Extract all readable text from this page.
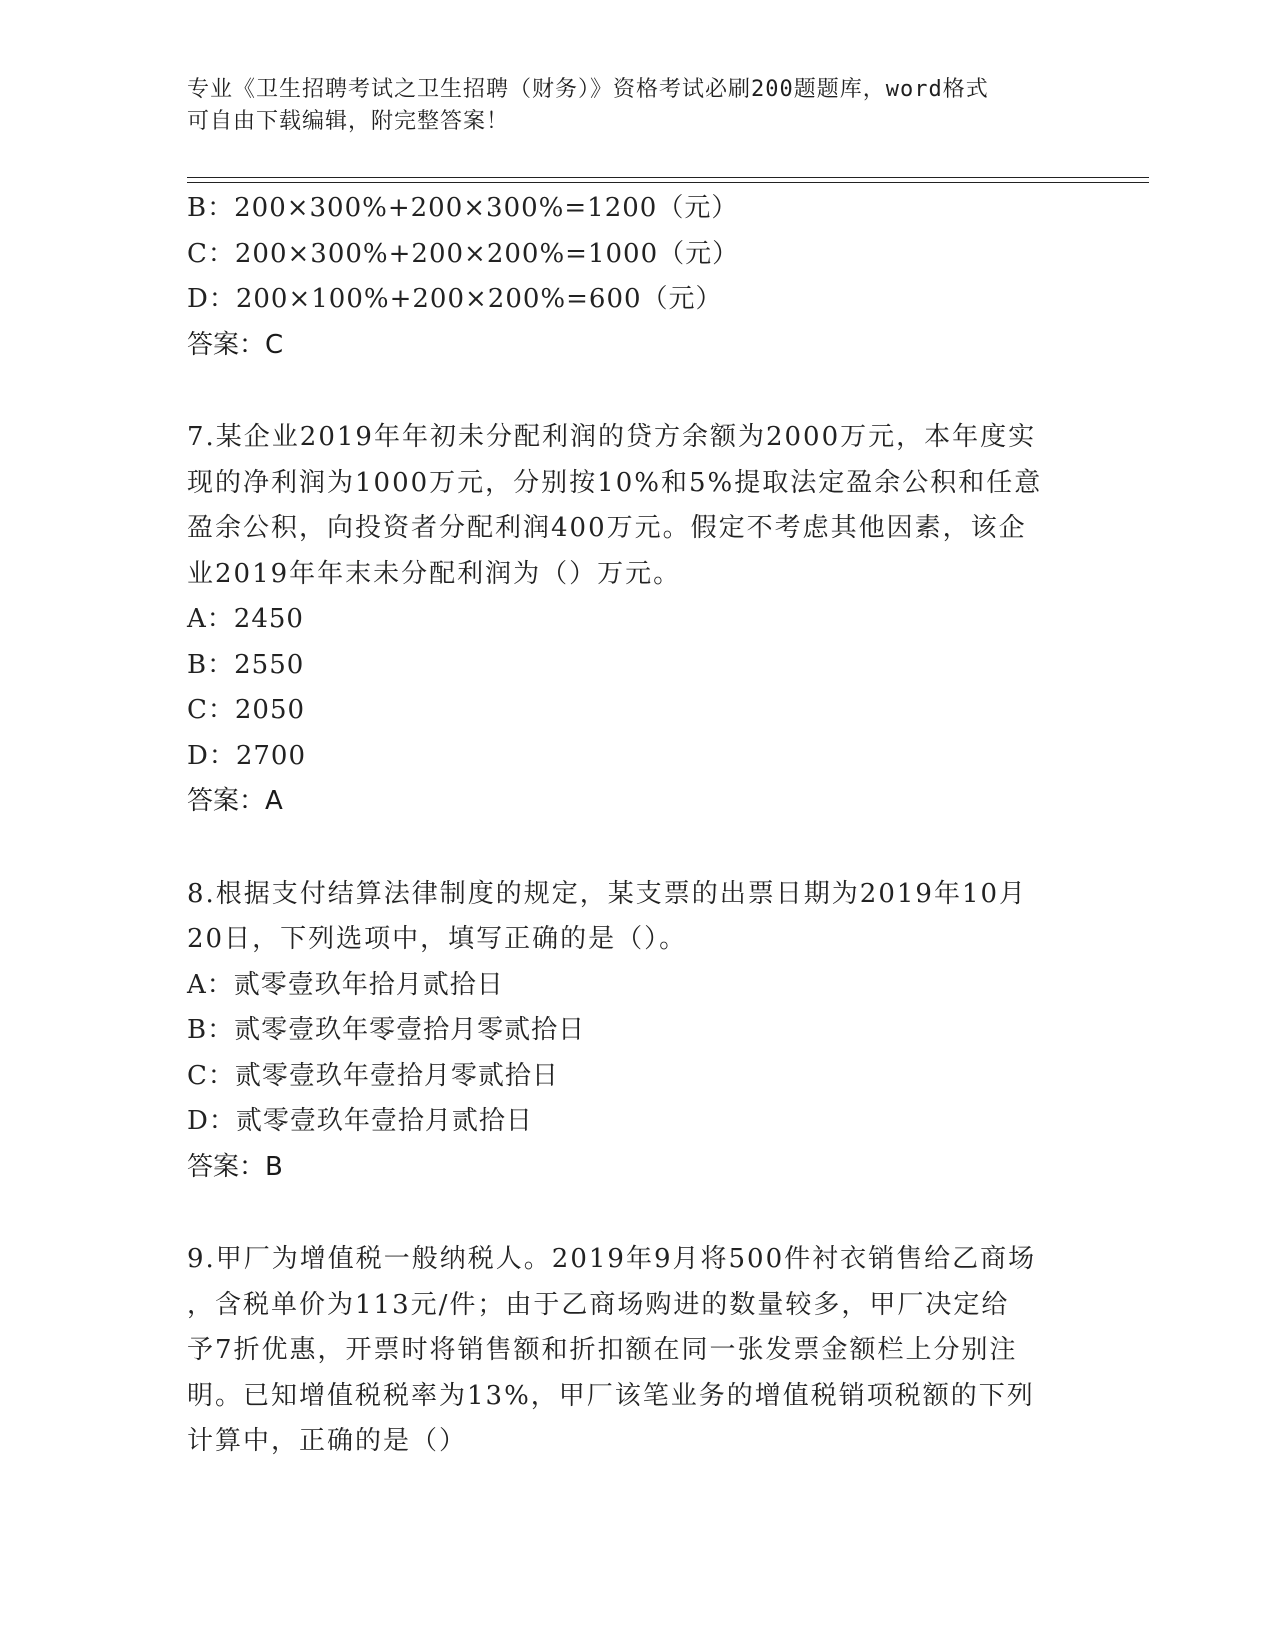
专业《卫生招聘考试之卫生招聘（财务）》资格考试必刷200题题库，word格式
可自由下载编辑，附完整答案！
B：200×300%+200×300%=1200（元）
C：200×300%+200×200%=1000（元）
D：200×100%+200×200%=600（元）
答案：C
7.某企业2019年年初未分配利润的贷方余额为2000万元，本年度实
现的净利润为1000万元，分别按10%和5%提取法定盈余公积和任意
盈余公积，向投资者分配利润400万元。假定不考虑其他因素，该企
业2019年年末未分配利润为（）万元。
A：2450
B：2550
C：2050
D：2700
答案：A
8.根据支付结算法律制度的规定，某支票的出票日期为2019年10月
20日，下列选项中，填写正确的是（）。
A：贰零壹玖年拾月贰拾日
B：贰零壹玖年零壹拾月零贰拾日
C：贰零壹玖年壹拾月零贰拾日
D：贰零壹玖年壹拾月贰拾日
答案：B
9.甲厂为增值税一般纳税人。2019年9月将500件衬衣销售给乙商场
，含税单价为113元/件；由于乙商场购进的数量较多，甲厂决定给
予7折优惠，开票时将销售额和折扣额在同一张发票金额栏上分别注
明。已知增值税税率为13%，甲厂该笔业务的增值税销项税额的下列
计算中，正确的是（）
